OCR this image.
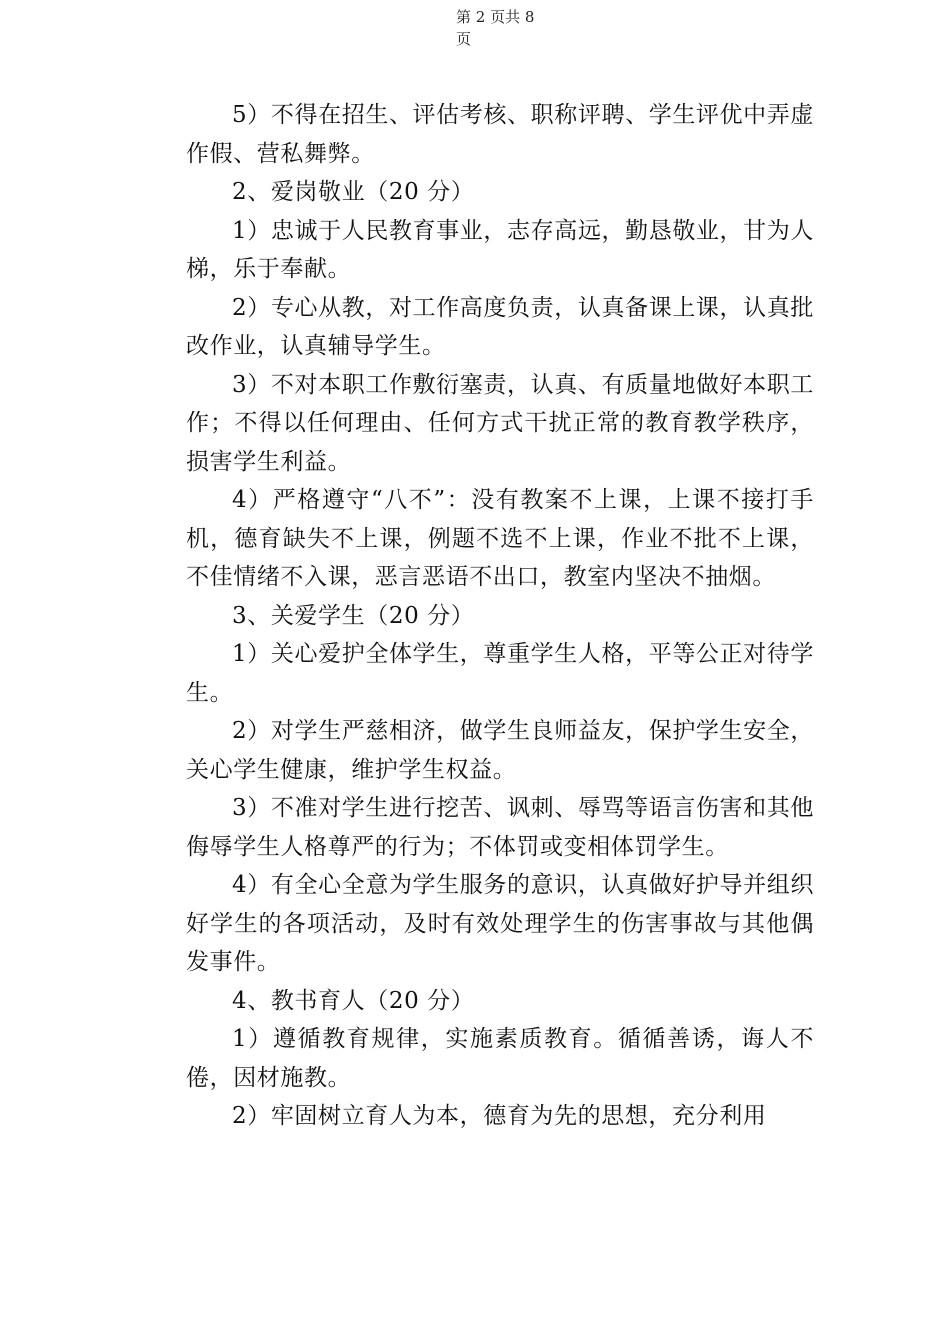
第 2 页共 8
页

5）不得在招生、评估考核、职称评聘、学生评优中弄虚作假、营私舞弊。

2、爱岗敬业（20 分）

1）忠诚于人民教育事业，志存高远，勤恳敬业，甘为人梯，乐于奉献。

2）专心从教，对工作高度负责，认真备课上课，认真批改作业，认真辅导学生。

3）不对本职工作敷衍塞责，认真、有质量地做好本职工作；不得以任何理由、任何方式干扰正常的教育教学秩序，损害学生利益。

4）严格遵守“八不”：没有教案不上课，上课不接打手机，德育缺失不上课，例题不选不上课，作业不批不上课，不佳情绪不入课，恶言恶语不出口，教室内坚决不抽烟。

3、关爱学生（20 分）

1）关心爱护全体学生，尊重学生人格，平等公正对待学生。

2）对学生严慈相济，做学生良师益友，保护学生安全，关心学生健康，维护学生权益。

3）不准对学生进行挖苦、讽刺、辱骂等语言伤害和其他侮辱学生人格尊严的行为；不体罚或变相体罚学生。

4）有全心全意为学生服务的意识，认真做好护导并组织好学生的各项活动，及时有效处理学生的伤害事故与其他偶发事件。

4、教书育人（20 分）

1）遵循教育规律，实施素质教育。循循善诱，诲人不倦，因材施教。

2）牢固树立育人为本，德育为先的思想，充分利用
